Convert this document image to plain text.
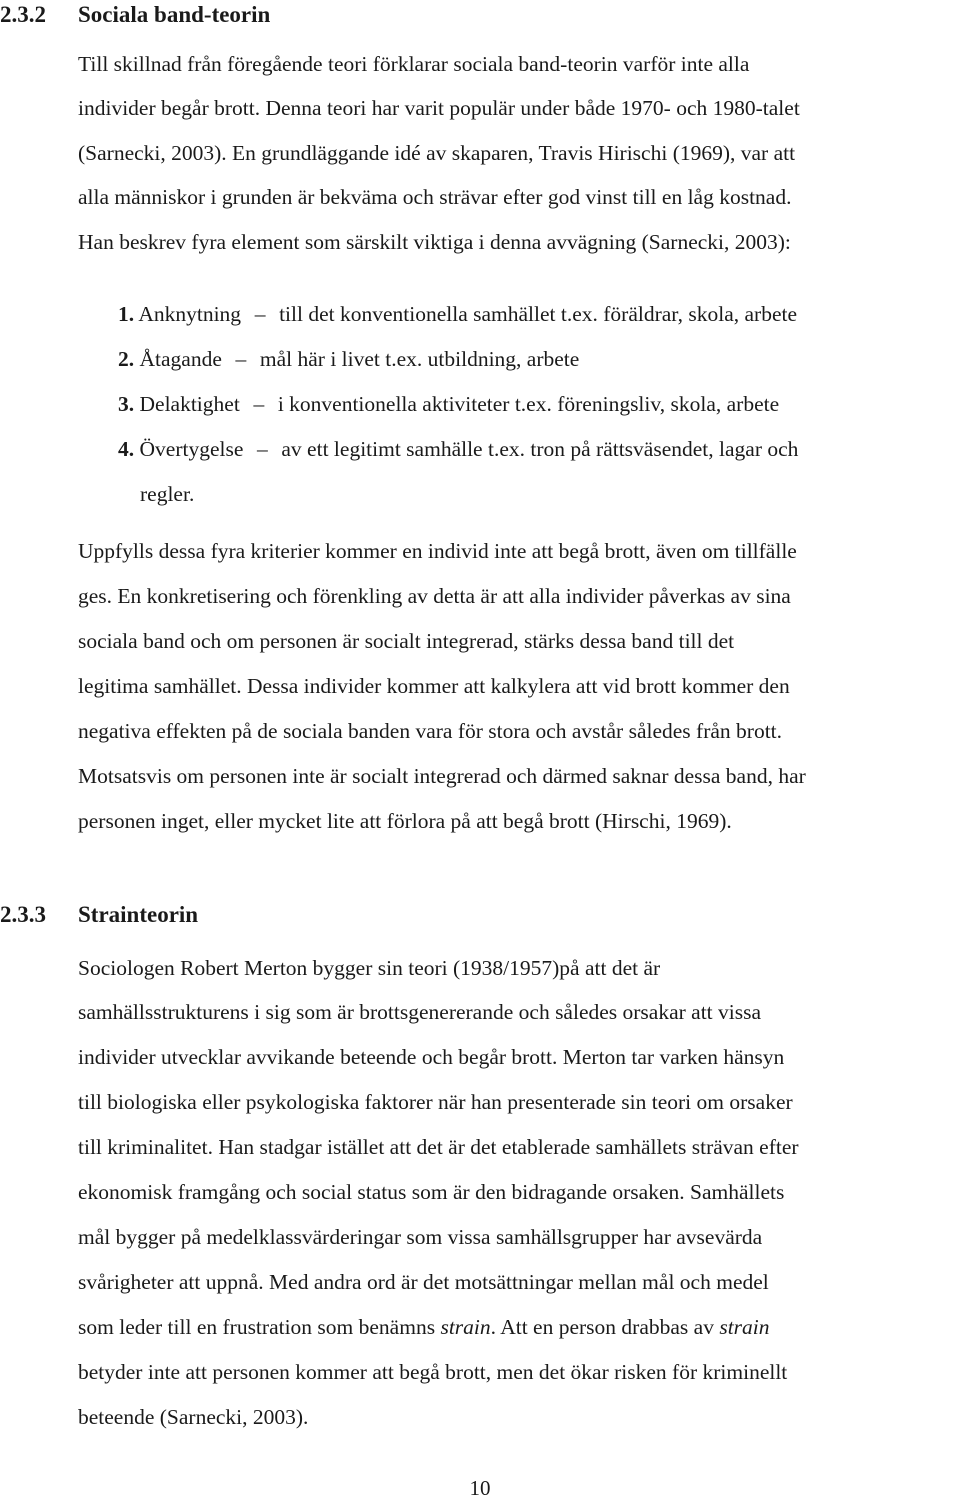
2.3.2 Sociala band-teorin
Till skillnad från föregående teori förklarar sociala band-teorin varför inte alla
individer begår brott. Denna teori har varit populär under både 1970- och 1980-talet
(Sarnecki, 2003). En grundläggande idé av skaparen, Travis Hirischi (1969), var att
alla människor i grunden är bekväma och strävar efter god vinst till en låg kostnad.
Han beskrev fyra element som särskilt viktiga i denna avvägning (Sarnecki, 2003):
1. Anknytning – till det konventionella samhället t.ex. föräldrar, skola, arbete
2. Åtagande – mål här i livet t.ex. utbildning, arbete
3. Delaktighet – i konventionella aktiviteter t.ex. föreningsliv, skola, arbete
4. Övertygelse – av ett legitimt samhälle t.ex. tron på rättsväsendet, lagar och
regler.
Uppfylls dessa fyra kriterier kommer en individ inte att begå brott, även om tillfälle
ges. En konkretisering och förenkling av detta är att alla individer påverkas av sina
sociala band och om personen är socialt integrerad, stärks dessa band till det
legitima samhället. Dessa individer kommer att kalkylera att vid brott kommer den
negativa effekten på de sociala banden vara för stora och avstår således från brott.
Motsatsvis om personen inte är socialt integrerad och därmed saknar dessa band, har
personen inget, eller mycket lite att förlora på att begå brott (Hirschi, 1969).
2.3.3 Strainteorin
Sociologen Robert Merton bygger sin teori (1938/1957)på att det är
samhällsstrukturens i sig som är brottsgenererande och således orsakar att vissa
individer utvecklar avvikande beteende och begår brott. Merton tar varken hänsyn
till biologiska eller psykologiska faktorer när han presenterade sin teori om orsaker
till kriminalitet. Han stadgar istället att det är det etablerade samhällets strävan efter
ekonomisk framgång och social status som är den bidragande orsaken. Samhällets
mål bygger på medelklassvärderingar som vissa samhällsgrupper har avsevärda
svårigheter att uppnå. Med andra ord är det motsättningar mellan mål och medel
som leder till en frustration som benämns strain. Att en person drabbas av strain
betyder inte att personen kommer att begå brott, men det ökar risken för kriminellt
beteende (Sarnecki, 2003).
10
